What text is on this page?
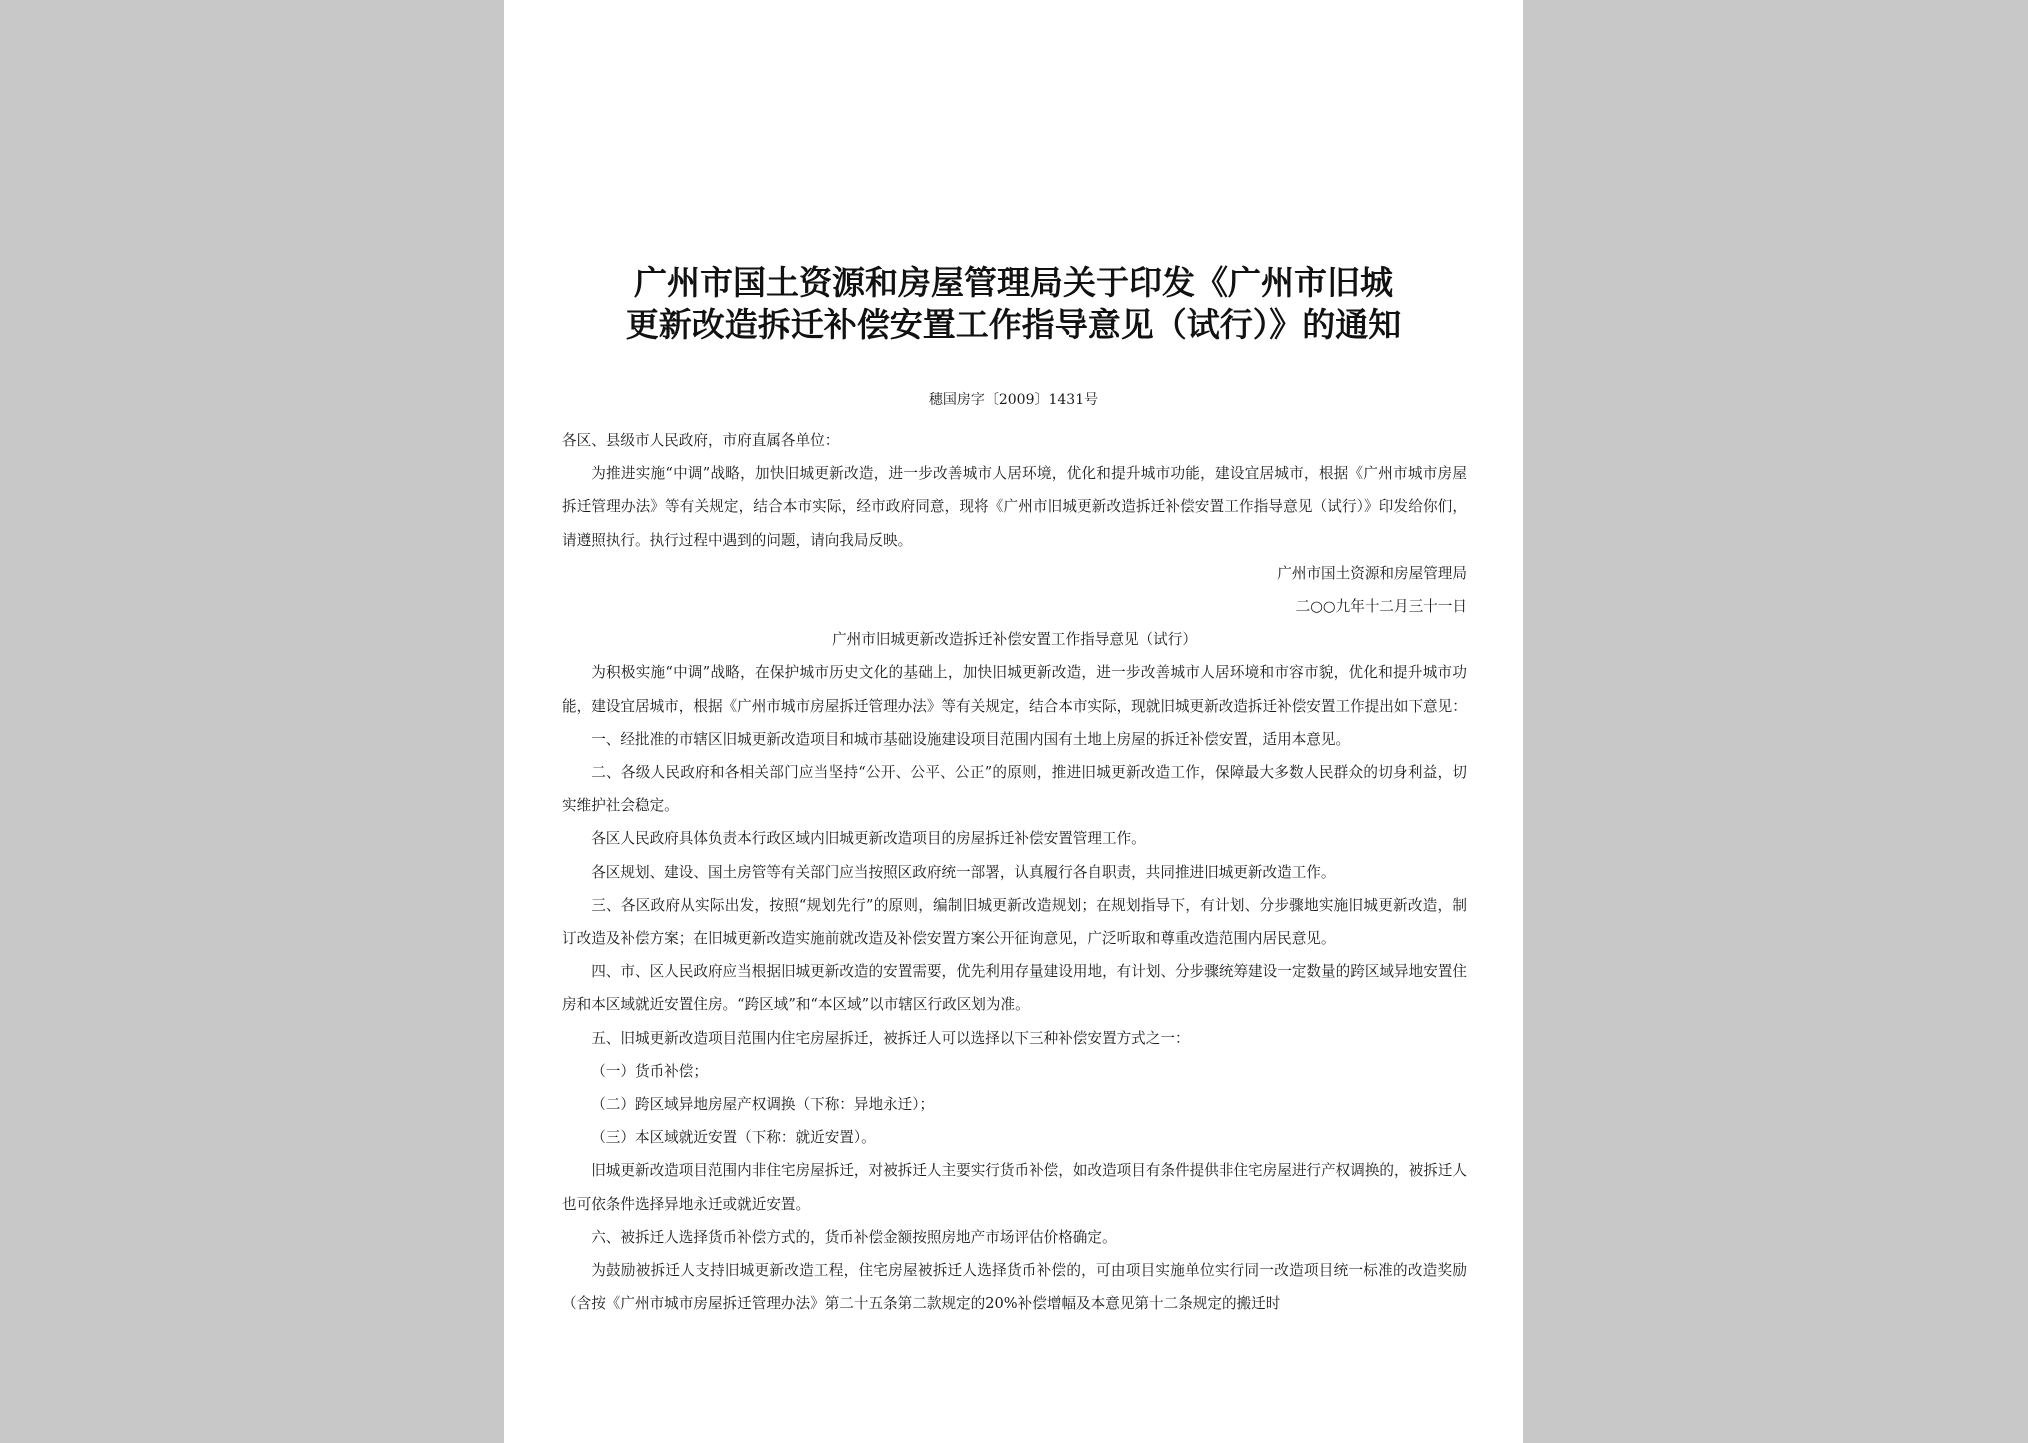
广州市国土资源和房屋管理局关于印发《广州市旧城
更新改造拆迁补偿安置工作指导意见（试行）》的通知
穗国房字〔2009〕1431号

各区、县级市人民政府，市府直属各单位：

为推进实施“中调”战略，加快旧城更新改造，进一步改善城市人居环境，优化和提升城市功能，建设宜居城市，根据《广州市城市房屋拆迁管理办法》等有关规定，结合本市实际，经市政府同意，现将《广州市旧城更新改造拆迁补偿安置工作指导意见（试行）》印发给你们，请遵照执行。执行过程中遇到的问题，请向我局反映。

广州市国土资源和房屋管理局

二○○九年十二月三十一日

广州市旧城更新改造拆迁补偿安置工作指导意见（试行）

为积极实施“中调”战略，在保护城市历史文化的基础上，加快旧城更新改造，进一步改善城市人居环境和市容市貌，优化和提升城市功能，建设宜居城市，根据《广州市城市房屋拆迁管理办法》等有关规定，结合本市实际，现就旧城更新改造拆迁补偿安置工作提出如下意见：

一、经批准的市辖区旧城更新改造项目和城市基础设施建设项目范围内国有土地上房屋的拆迁补偿安置，适用本意见。

二、各级人民政府和各相关部门应当坚持“公开、公平、公正”的原则，推进旧城更新改造工作，保障最大多数人民群众的切身利益，切实维护社会稳定。

各区人民政府具体负责本行政区域内旧城更新改造项目的房屋拆迁补偿安置管理工作。

各区规划、建设、国土房管等有关部门应当按照区政府统一部署，认真履行各自职责，共同推进旧城更新改造工作。

三、各区政府从实际出发，按照“规划先行”的原则，编制旧城更新改造规划；在规划指导下，有计划、分步骤地实施旧城更新改造，制订改造及补偿方案；在旧城更新改造实施前就改造及补偿安置方案公开征询意见，广泛听取和尊重改造范围内居民意见。

四、市、区人民政府应当根据旧城更新改造的安置需要，优先利用存量建设用地，有计划、分步骤统筹建设一定数量的跨区域异地安置住房和本区域就近安置住房。“跨区域”和“本区域”以市辖区行政区划为准。

五、旧城更新改造项目范围内住宅房屋拆迁，被拆迁人可以选择以下三种补偿安置方式之一：

（一）货币补偿；

（二）跨区域异地房屋产权调换（下称：异地永迁）；

（三）本区域就近安置（下称：就近安置）。

旧城更新改造项目范围内非住宅房屋拆迁，对被拆迁人主要实行货币补偿，如改造项目有条件提供非住宅房屋进行产权调换的，被拆迁人也可依条件选择异地永迁或就近安置。

六、被拆迁人选择货币补偿方式的，货币补偿金额按照房地产市场评估价格确定。

为鼓励被拆迁人支持旧城更新改造工程，住宅房屋被拆迁人选择货币补偿的，可由项目实施单位实行同一改造项目统一标准的改造奖励（含按《广州市城市房屋拆迁管理办法》第二十五条第二款规定的20%补偿增幅及本意见第十二条规定的搬迁时
